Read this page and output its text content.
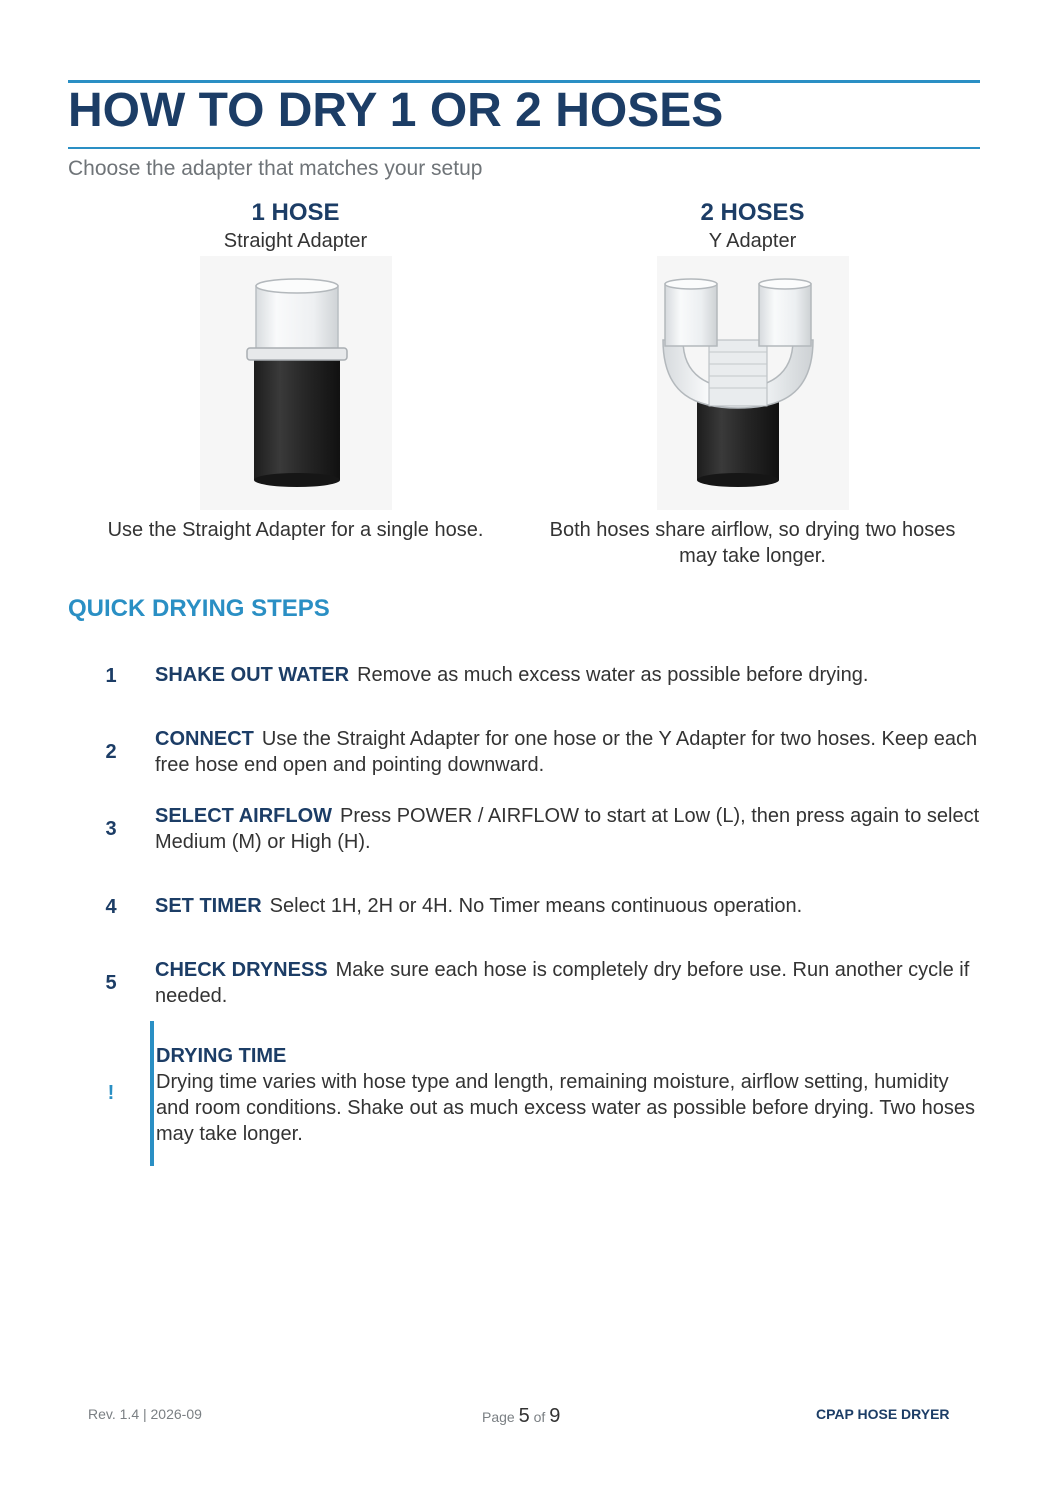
HOW TO DRY 1 OR 2 HOSES
Choose the adapter that matches your setup
1 HOSE
Straight Adapter
Use the Straight Adapter for a single hose.
2 HOSES
Y Adapter
Both hoses share airflow, so drying two hoses may take longer.
QUICK DRYING STEPS
1	SHAKE OUT WATER Remove as much excess water as possible before drying.
2
CONNECT Use the Straight Adapter for one hose or the Y Adapter for two hoses. Keep each free hose end open and pointing downward.
3
SELECT AIRFLOW Press POWER / AIRFLOW to start at Low (L), then press again to select Medium (M) or High (H).
4	SET TIMER Select 1H, 2H or 4H. No Timer means continuous operation.
5
CHECK DRYNESS Make sure each hose is completely dry before use. Run another cycle if needed.
!
DRYING TIME
Drying time varies with hose type and length, remaining moisture, airflow setting, humidity and room conditions. Shake out as much excess water as possible before drying. Two hoses may take longer.
Rev. 1.4 | 2026-09	Page 5 of 9	CPAP HOSE DRYER
